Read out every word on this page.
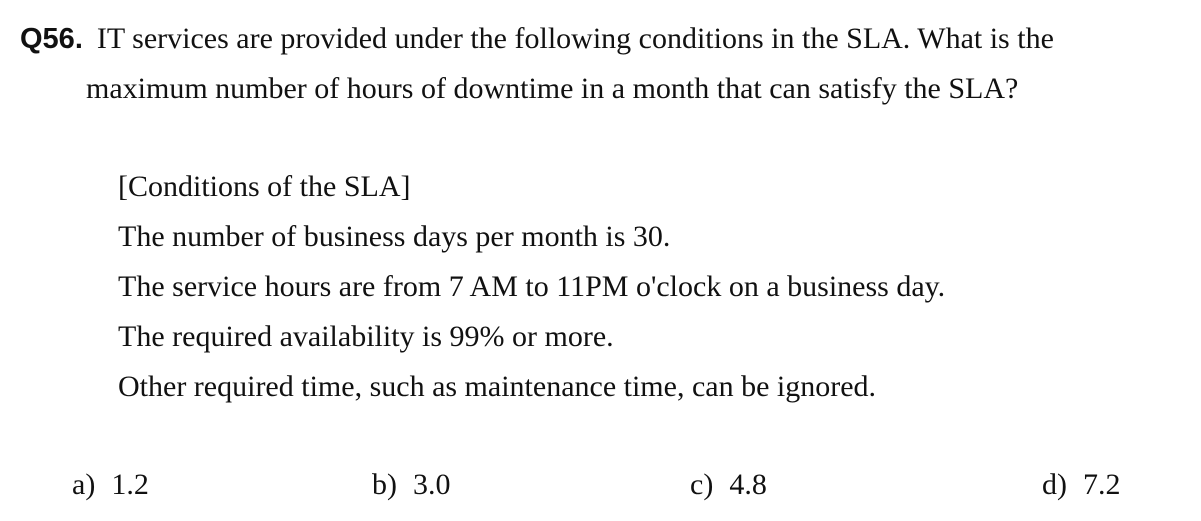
Q56. IT services are provided under the following conditions in the SLA. What is the
maximum number of hours of downtime in a month that can satisfy the SLA?
[Conditions of the SLA]
The number of business days per month is 30.
The service hours are from 7 AM to 11PM o'clock on a business day.
The required availability is 99% or more.
Other required time, such as maintenance time, can be ignored.
a) 1.2	b) 3.0	c) 4.8	d) 7.2
